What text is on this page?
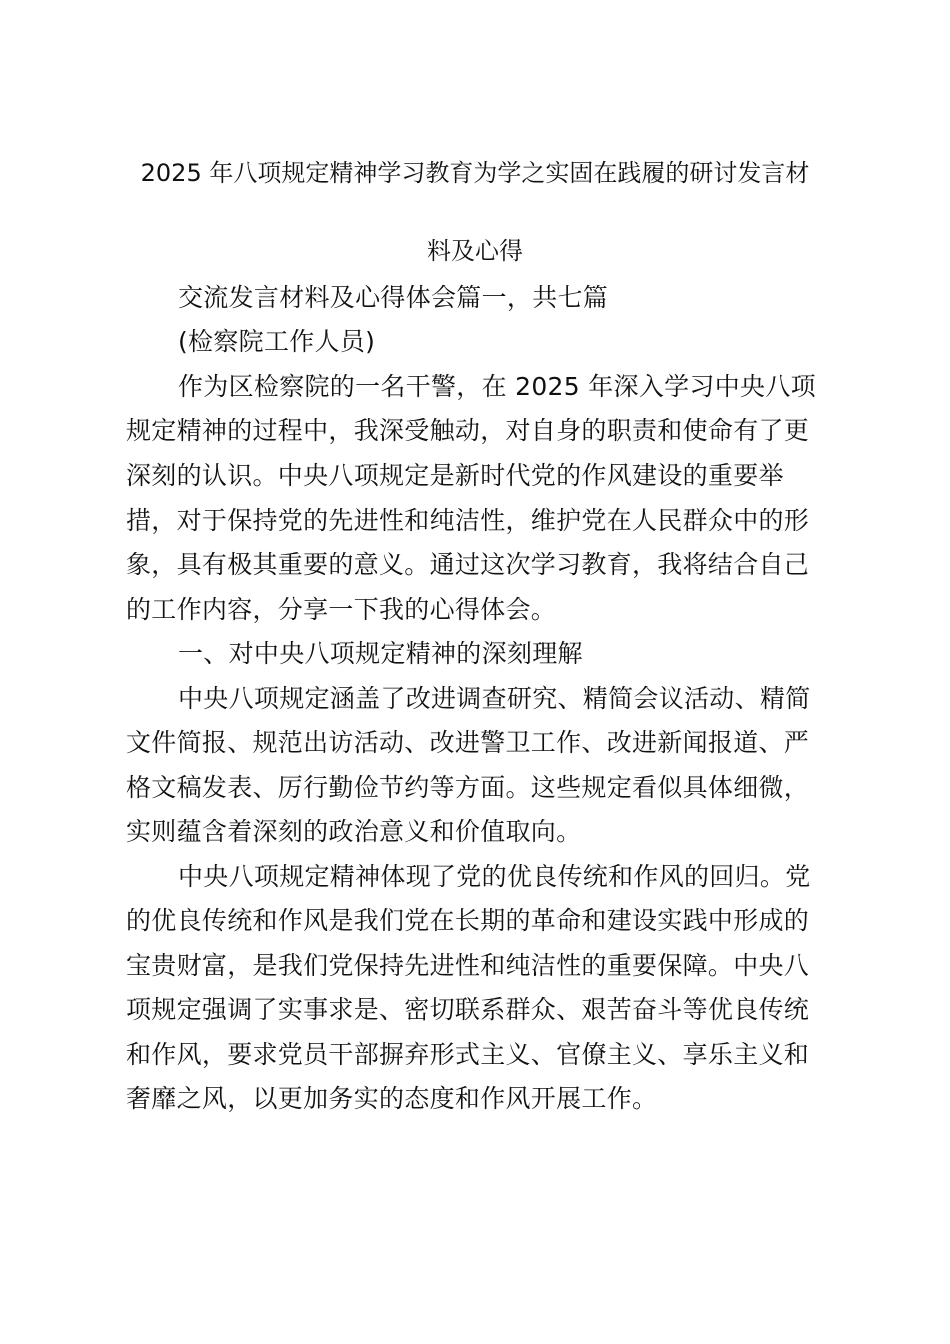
2025 年八项规定精神学习教育为学之实固在践履的研讨发言材
料及心得
交流发言材料及心得体会篇一，共七篇
(检察院工作人员)
作为区检察院的一名干警，在 2025 年深入学习中央八项
规定精神的过程中，我深受触动，对自身的职责和使命有了更
深刻的认识。中央八项规定是新时代党的作风建设的重要举
措，对于保持党的先进性和纯洁性，维护党在人民群众中的形
象，具有极其重要的意义。通过这次学习教育，我将结合自己
的工作内容，分享一下我的心得体会。
一、对中央八项规定精神的深刻理解
中央八项规定涵盖了改进调查研究、精简会议活动、精简
文件简报、规范出访活动、改进警卫工作、改进新闻报道、严
格文稿发表、厉行勤俭节约等方面。这些规定看似具体细微，
实则蕴含着深刻的政治意义和价值取向。
中央八项规定精神体现了党的优良传统和作风的回归。党
的优良传统和作风是我们党在长期的革命和建设实践中形成的
宝贵财富，是我们党保持先进性和纯洁性的重要保障。中央八
项规定强调了实事求是、密切联系群众、艰苦奋斗等优良传统
和作风，要求党员干部摒弃形式主义、官僚主义、享乐主义和
奢靡之风，以更加务实的态度和作风开展工作。
